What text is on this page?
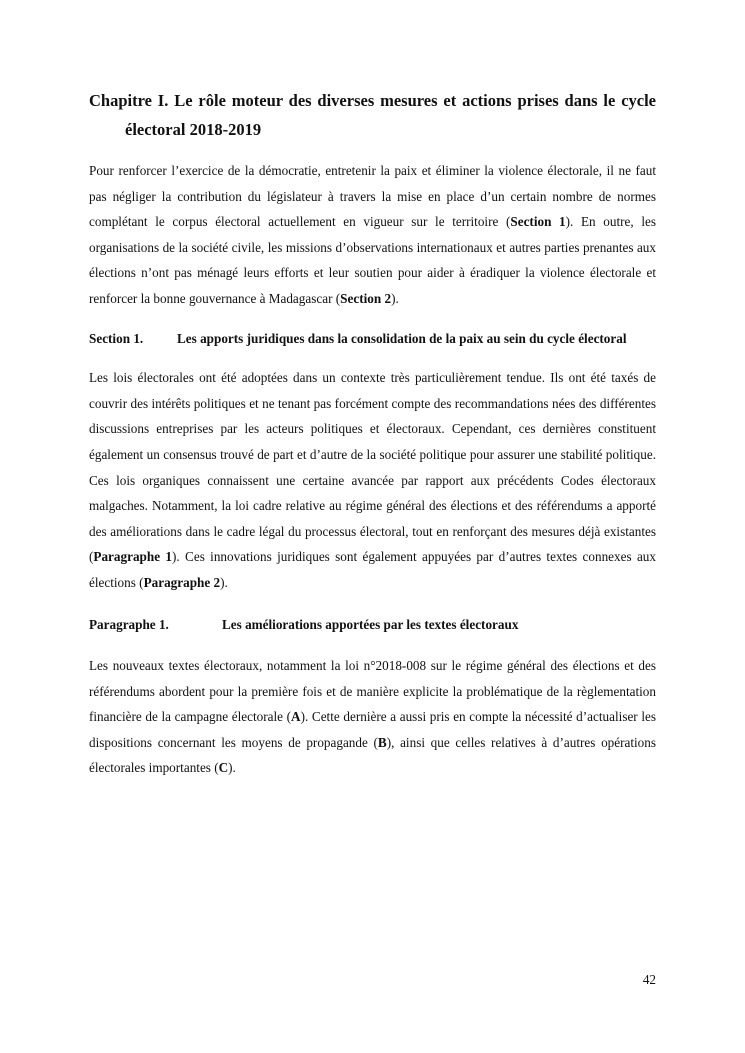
Chapitre I. Le rôle moteur des diverses mesures et actions prises dans le cycle électoral 2018-2019

Pour renforcer l’exercice de la démocratie, entretenir la paix et éliminer la violence électorale, il ne faut pas négliger la contribution du législateur à travers la mise en place d’un certain nombre de normes complétant le corpus électoral actuellement en vigueur sur le territoire (Section 1). En outre, les organisations de la société civile, les missions d’observations internationaux et autres parties prenantes aux élections n’ont pas ménagé leurs efforts et leur soutien pour aider à éradiquer la violence électorale et renforcer la bonne gouvernance à Madagascar (Section 2).

Section 1.	Les apports juridiques dans la consolidation de la paix au sein du cycle électoral

Les lois électorales ont été adoptées dans un contexte très particulièrement tendue. Ils ont été taxés de couvrir des intérêts politiques et ne tenant pas forcément compte des recommandations nées des différentes discussions entreprises par les acteurs politiques et électoraux. Cependant, ces dernières constituent également un consensus trouvé de part et d’autre de la société politique pour assurer une stabilité politique. Ces lois organiques connaissent une certaine avancée par rapport aux précédents Codes électoraux malgaches. Notamment, la loi cadre relative au régime général des élections et des référendums a apporté des améliorations dans le cadre légal du processus électoral, tout en renforçant des mesures déjà existantes (Paragraphe 1). Ces innovations juridiques sont également appuyées par d’autres textes connexes aux élections (Paragraphe 2).

Paragraphe 1.	Les améliorations apportées par les textes électoraux

Les nouveaux textes électoraux, notamment la loi n°2018-008 sur le régime général des élections et des référendums abordent pour la première fois et de manière explicite la problématique de la règlementation financière de la campagne électorale (A). Cette dernière a aussi pris en compte la nécessité d’actualiser les dispositions concernant les moyens de propagande (B), ainsi que celles relatives à d’autres opérations électorales importantes (C).

42
